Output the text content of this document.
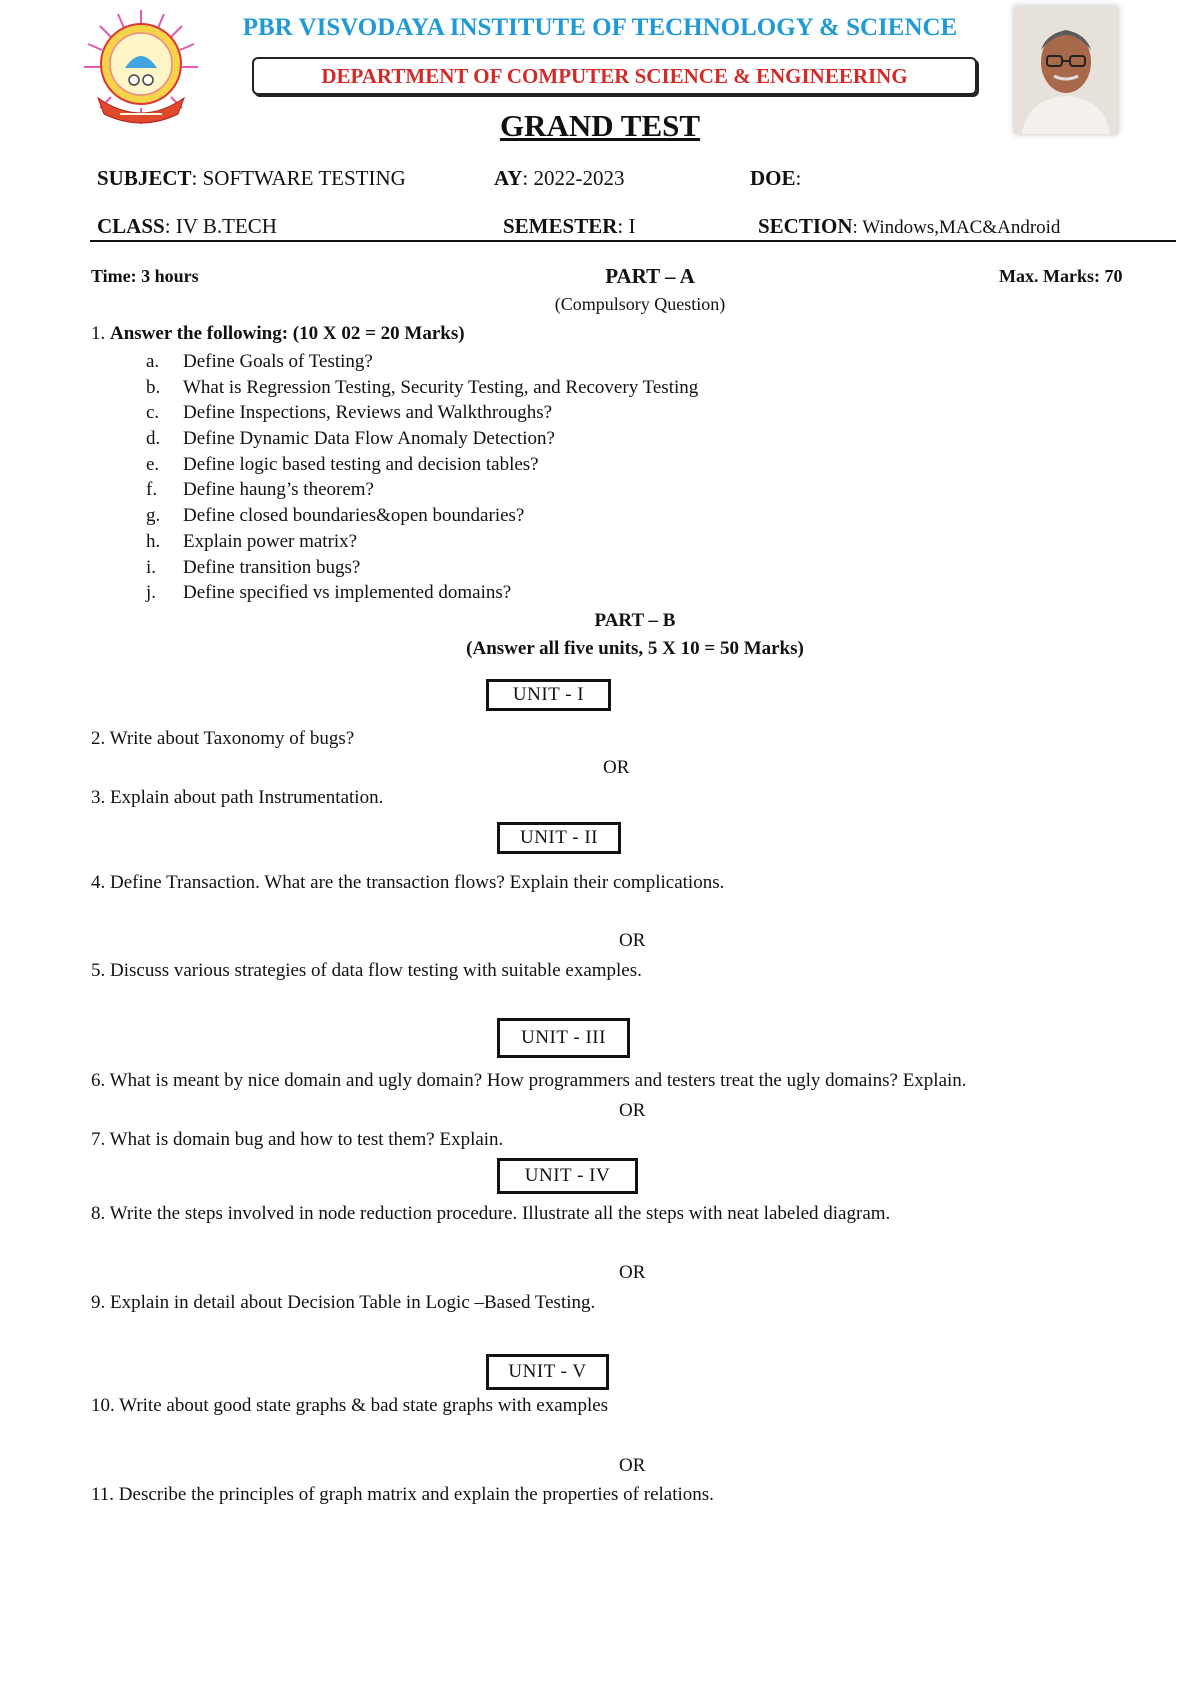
PBR VISVODAYA INSTITUTE OF TECHNOLOGY & SCIENCE
DEPARTMENT OF COMPUTER SCIENCE & ENGINEERING
GRAND TEST
SUBJECT: SOFTWARE TESTING	AY: 2022-2023	DOE:
CLASS: IV B.TECH	SEMESTER: I	SECTION: Windows,MAC&Android
Time: 3 hours	PART – A	Max. Marks: 70
(Compulsory Question)
1. Answer the following: (10 X 02 = 20 Marks)
a.	Define Goals of Testing?
b.	What is Regression Testing, Security Testing, and Recovery Testing
c.	Define Inspections, Reviews and Walkthroughs?
d.	Define Dynamic Data Flow Anomaly Detection?
e.	Define logic based testing and decision tables?
f.	Define haung’s theorem?
g.	Define closed boundaries&open boundaries?
h.	Explain power matrix?
i.	Define transition bugs?
j.	Define specified vs implemented domains?
PART – B
(Answer all five units, 5 X 10 = 50 Marks)
UNIT - I
2. Write about Taxonomy of bugs?
OR
3. Explain about path Instrumentation.
UNIT - II
4. Define Transaction. What are the transaction flows? Explain their complications.
OR
5. Discuss various strategies of data flow testing with suitable examples.
UNIT - III
6. What is meant by nice domain and ugly domain? How programmers and testers treat the ugly domains? Explain.
OR
7. What is domain bug and how to test them? Explain.
UNIT - IV
8. Write the steps involved in node reduction procedure. Illustrate all the steps with neat labeled diagram.
OR
9. Explain in detail about Decision Table in Logic –Based Testing.
UNIT - V
10. Write about good state graphs & bad state graphs with examples
OR
11. Describe the principles of graph matrix and explain the properties of relations.
